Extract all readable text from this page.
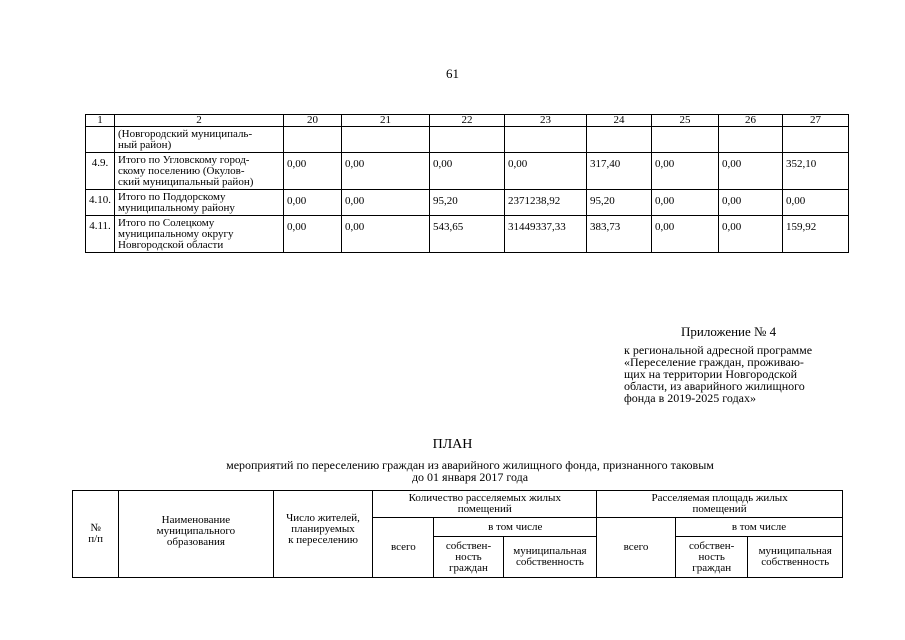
61
1	2	20	21	22	23	24	25	26	27
	(Новгородский муниципаль-
ный район)								
4.9.	Итого по Угловскому город-
скому поселению (Окулов-
ский муниципальный район)	0,00	0,00	0,00	0,00	317,40	0,00	0,00	352,10
4.10.	Итого по Поддорскому
муниципальному району	0,00	0,00	95,20	2371238,92	95,20	0,00	0,00	0,00
4.11.	Итого по Солецкому
муниципальному округу
Новгородской области	0,00	0,00	543,65	31449337,33	383,73	0,00	0,00	159,92
Приложение № 4
к региональной адресной программе
«Переселение граждан, проживаю-
щих на территории Новгородской
области, из аварийного жилищного
фонда в 2019-2025 годах»
ПЛАН
мероприятий по переселению граждан из аварийного жилищного фонда, признанного таковым
до 01 января 2017 года
№
п/п	Наименование
муниципального
образования	Число жителей,
планируемых
к переселению	Количество расселяемых жилых
помещений			Расселяемая площадь жилых
помещений		
			всего	в том числе		всего	в том числе	
				собствен-
ность
граждан	муниципальная
собственность		собствен-
ность
граждан	муниципальная
собственность
